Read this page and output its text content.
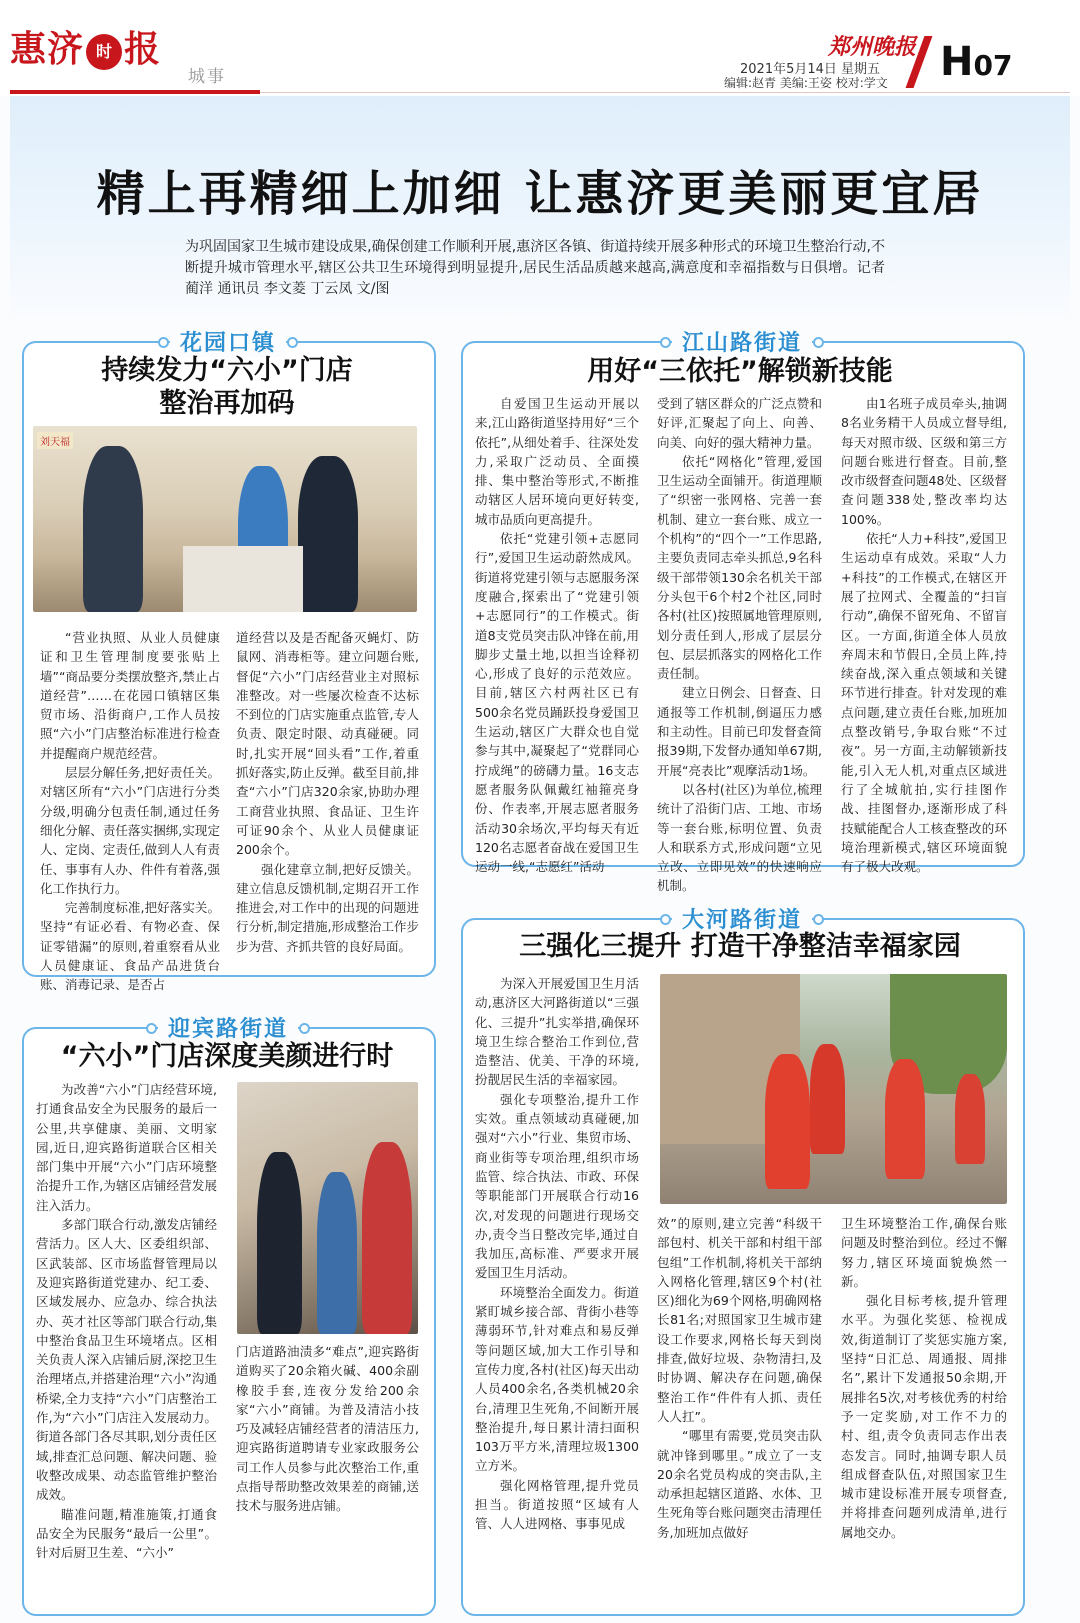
惠济 时 报
城事
郑州晚报
2021年5月14日 星期五
编辑:赵青 美编:王姿 校对:学文 H07
精上再精细上加细 让惠济更美丽更宜居
为巩固国家卫生城市建设成果,确保创建工作顺利开展,惠济区各镇、街道持续开展多种形式的环境卫生整治行动,不断提升城市管理水平,辖区公共卫生环境得到明显提升,居民生活品质越来越高,满意度和幸福指数与日俱增。记者 蔺洋 通讯员 李文菱 丁云凤 文/图
花园口镇
持续发力“六小”门店
整治再加码
刘天福

“营业执照、从业人员健康证和卫生管理制度要张贴上墙”“商品要分类摆放整齐,禁止占道经营”……在花园口镇辖区集贸市场、沿街商户,工作人员按照“六小”门店整治标准进行检查并提醒商户规范经营。

层层分解任务,把好责任关。对辖区所有“六小”门店进行分类分级,明确分包责任制,通过任务细化分解、责任落实捆绑,实现定人、定岗、定责任,做到人人有责任、事事有人办、件件有着落,强化工作执行力。

完善制度标准,把好落实关。坚持“有证必看、有物必查、保证零错漏”的原则,着重察看从业人员健康证、食品产品进货台账、消毒记录、是否占

道经营以及是否配备灭蝇灯、防鼠网、消毒柜等。建立问题台账,督促“六小”门店经营业主对照标准整改。对一些屡次检查不达标不到位的门店实施重点监管,专人负责、限定时限、动真碰硬。同时,扎实开展“回头看”工作,着重抓好落实,防止反弹。截至目前,排查“六小”门店320余家,协助办理工商营业执照、食品证、卫生许可证90余个、从业人员健康证200余个。

强化建章立制,把好反馈关。建立信息反馈机制,定期召开工作推进会,对工作中的出现的问题进行分析,制定措施,形成整治工作步步为营、齐抓共管的良好局面。

江山路街道
用好“三依托”解锁新技能

自爱国卫生运动开展以来,江山路街道坚持用好“三个依托”,从细处着手、往深处发力,采取广泛动员、全面摸排、集中整治等形式,不断推动辖区人居环境向更好转变,城市品质向更高提升。

依托“党建引领+志愿同行”,爱国卫生运动蔚然成风。街道将党建引领与志愿服务深度融合,探索出了“党建引领+志愿同行”的工作模式。街道8支党员突击队冲锋在前,用脚步丈量土地,以担当诠释初心,形成了良好的示范效应。目前,辖区六村两社区已有500余名党员踊跃投身爱国卫生运动,辖区广大群众也自觉参与其中,凝聚起了“党群同心拧成绳”的磅礴力量。16支志愿者服务队佩戴红袖箍亮身份、作表率,开展志愿者服务活动30余场次,平均每天有近120名志愿者奋战在爱国卫生运动一线,“志愿红”活动

受到了辖区群众的广泛点赞和好评,汇聚起了向上、向善、向美、向好的强大精神力量。

依托“网格化”管理,爱国卫生运动全面铺开。街道理顺了“织密一张网格、完善一套机制、建立一套台账、成立一个机构”的“四个一”工作思路,主要负责同志牵头抓总,9名科级干部带领130余名机关干部分头包干6个村2个社区,同时各村(社区)按照属地管理原则,划分责任到人,形成了层层分包、层层抓落实的网格化工作责任制。

建立日例会、日督查、日通报等工作机制,倒逼压力感和主动性。目前已印发督查简报39期,下发督办通知单67期,开展“亮表比”观摩活动1场。

以各村(社区)为单位,梳理统计了沿街门店、工地、市场等一套台账,标明位置、负责人和联系方式,形成问题“立见立改、立即见效”的快速响应机制。

由1名班子成员牵头,抽调8名业务精干人员成立督导组,每天对照市级、区级和第三方问题台账进行督查。目前,整改市级督查问题48处、区级督查问题338处,整改率均达100%。

依托“人力+科技”,爱国卫生运动卓有成效。采取“人力+科技”的工作模式,在辖区开展了拉网式、全覆盖的“扫盲行动”,确保不留死角、不留盲区。一方面,街道全体人员放弃周末和节假日,全员上阵,持续奋战,深入重点领域和关键环节进行排查。针对发现的难点问题,建立责任台账,加班加点整改销号,争取台账“不过夜”。另一方面,主动解锁新技能,引入无人机,对重点区域进行了全城航拍,实行挂图作战、挂图督办,逐渐形成了科技赋能配合人工核查整改的环境治理新模式,辖区环境面貌有了极大改观。

迎宾路街道
“六小”门店深度美颜进行时

为改善“六小”门店经营环境,打通食品安全为民服务的最后一公里,共享健康、美丽、文明家园,近日,迎宾路街道联合区相关部门集中开展“六小”门店环境整治提升工作,为辖区店铺经营发展注入活力。

多部门联合行动,激发店铺经营活力。区人大、区委组织部、区武装部、区市场监督管理局以及迎宾路街道党建办、纪工委、区域发展办、应急办、综合执法办、英才社区等部门联合行动,集中整治食品卫生环境堵点。区相关负责人深入店铺后厨,深挖卫生治理堵点,并搭建治理“六小”沟通桥梁,全力支持“六小”门店整治工作,为“六小”门店注入发展动力。街道各部门各尽其职,划分责任区域,排查汇总问题、解决问题、验收整改成果、动态监管维护整治成效。

瞄准问题,精准施策,打通食品安全为民服务“最后一公里”。针对后厨卫生差、“六小”

门店道路油渍多“难点”,迎宾路街道购买了20余箱火碱、400余副橡胶手套,连夜分发给200余家“六小”商铺。为普及清洁小技巧及减轻店铺经营者的清洁压力,迎宾路街道聘请专业家政服务公司工作人员参与此次整治工作,重点指导帮助整改效果差的商铺,送技术与服务进店铺。

大河路街道
三强化三提升 打造干净整洁幸福家园

为深入开展爱国卫生月活动,惠济区大河路街道以“三强化、三提升”扎实举措,确保环境卫生综合整治工作到位,营造整洁、优美、干净的环境,扮靓居民生活的幸福家园。

强化专项整治,提升工作实效。重点领域动真碰硬,加强对“六小”行业、集贸市场、商业街等专项治理,组织市场监管、综合执法、市政、环保等职能部门开展联合行动16次,对发现的问题进行现场交办,责令当日整改完毕,通过自我加压,高标准、严要求开展爱国卫生月活动。

环境整治全面发力。街道紧盯城乡接合部、背街小巷等薄弱环节,针对难点和易反弹等问题区域,加大工作引导和宣传力度,各村(社区)每天出动人员400余名,各类机械20余台,清理卫生死角,不间断开展整治提升,每日累计清扫面积103万平方米,清理垃圾1300立方米。

强化网格管理,提升党员担当。街道按照“区域有人管、人人进网格、事事见成

效”的原则,建立完善“科级干部包村、机关干部和村组干部包组”工作机制,将机关干部纳入网格化管理,辖区9个村(社区)细化为69个网格,明确网格长81名;对照国家卫生城市建设工作要求,网格长每天到岗排查,做好垃圾、杂物清扫,及时协调、解决存在问题,确保整治工作“件件有人抓、责任人人扛”。

“哪里有需要,党员突击队就冲锋到哪里。”成立了一支20余名党员构成的突击队,主动承担起辖区道路、水体、卫生死角等台账问题突击清理任务,加班加点做好

卫生环境整治工作,确保台账问题及时整治到位。经过不懈努力,辖区环境面貌焕然一新。

强化目标考核,提升管理水平。为强化奖惩、检视成效,街道制订了奖惩实施方案,坚持“日汇总、周通报、周排名”,累计下发通报50余期,开展排名5次,对考核优秀的村给予一定奖励,对工作不力的村、组,责令负责同志作出表态发言。同时,抽调专职人员组成督查队伍,对照国家卫生城市建设标准开展专项督查,并将排查问题列成清单,进行属地交办。
